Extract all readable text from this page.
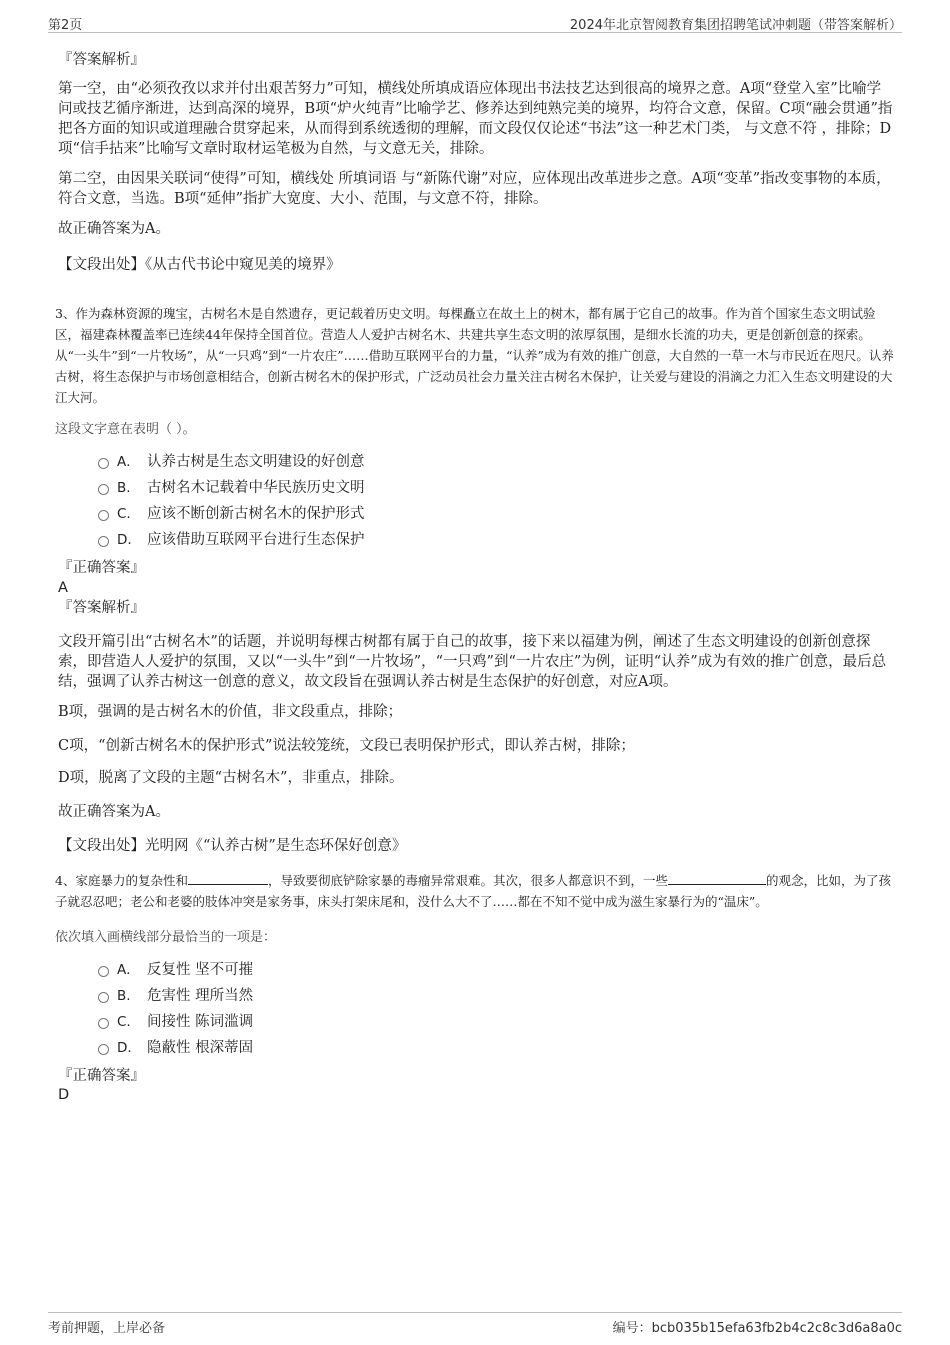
第2页	2024年北京智阅教育集团招聘笔试冲刺题（带答案解析）
『答案解析』
第一空，由“必须孜孜以求并付出艰苦努力”可知，横线处所填成语应体现出书法技艺达到很高的境界之意。A项“登堂入室”比喻学问或技艺循序渐进，达到高深的境界，B项“炉火纯青”比喻学艺、修养达到纯熟完美的境界，均符合文意，保留。C项“融会贯通”指把各方面的知识或道理融合贯穿起来，从而得到系统透彻的理解，而文段仅仅论述“书法”这一种艺术门类， 与文意不符 ，排除；D项“信手拈来”比喻写文章时取材运笔极为自然，与文意无关，排除。
第二空，由因果关联词“使得”可知，横线处 所填词语 与“新陈代谢”对应，应体现出改革进步之意。A项“变革”指改变事物的本质，符合文意，当选。B项“延伸”指扩大宽度、大小、范围，与文意不符，排除。
故正确答案为A。
【文段出处】《从古代书论中窥见美的境界》
3、作为森林资源的瑰宝，古树名木是自然遗存，更记载着历史文明。每棵矗立在故土上的树木，都有属于它自己的故事。作为首个国家生态文明试验区，福建森林覆盖率已连续44年保持全国首位。营造人人爱护古树名木、共建共享生态文明的浓厚氛围，是细水长流的功夫，更是创新创意的探索。从“一头牛”到“一片牧场”，从“一只鸡”到“一片农庄”……借助互联网平台的力量，“认养”成为有效的推广创意，大自然的一草一木与市民近在咫尺。认养古树，将生态保护与市场创意相结合，创新古树名木的保护形式，广泛动员社会力量关注古树名木保护，让关爱与建设的涓滴之力汇入生态文明建设的大江大河。
这段文字意在表明（ ）。
A． 认养古树是生态文明建设的好创意
B. 古树名木记载着中华民族历史文明
C. 应该不断创新古树名木的保护形式
D. 应该借助互联网平台进行生态保护
『正确答案』
A
『答案解析』
文段开篇引出“古树名木”的话题，并说明每棵古树都有属于自己的故事，接下来以福建为例，阐述了生态文明建设的创新创意探索，即营造人人爱护的氛围，又以“一头牛”到“一片牧场”，“一只鸡”到“一片农庄”为例，证明“认养”成为有效的推广创意，最后总结，强调了认养古树这一创意的意义，故文段旨在强调认养古树是生态保护的好创意，对应A项。
B项，强调的是古树名木的价值，非文段重点，排除；
C项，“创新古树名木的保护形式”说法较笼统，文段已表明保护形式，即认养古树，排除；
D项，脱离了文段的主题“古树名木”，非重点，排除。
故正确答案为A。
【文段出处】光明网《“认养古树”是生态环保好创意》
4、家庭暴力的复杂性和	，导致要彻底铲除家暴的毒瘤异常艰难。其次，很多人都意识不到，一些	的观念，比如，为了孩子就忍忍吧；老公和老婆的肢体冲突是家务事，床头打架床尾和，没什么大不了……都在不知不觉中成为滋生家暴行为的“温床”。
依次填入画横线部分最恰当的一项是：
A． 反复性 坚不可摧
B. 危害性 理所当然
C. 间接性 陈词滥调
D. 隐蔽性 根深蒂固
『正确答案』
D
考前押题，上岸必备	编号：bcb035b15efa63fb2b4c2c8c3d6a8a0c
